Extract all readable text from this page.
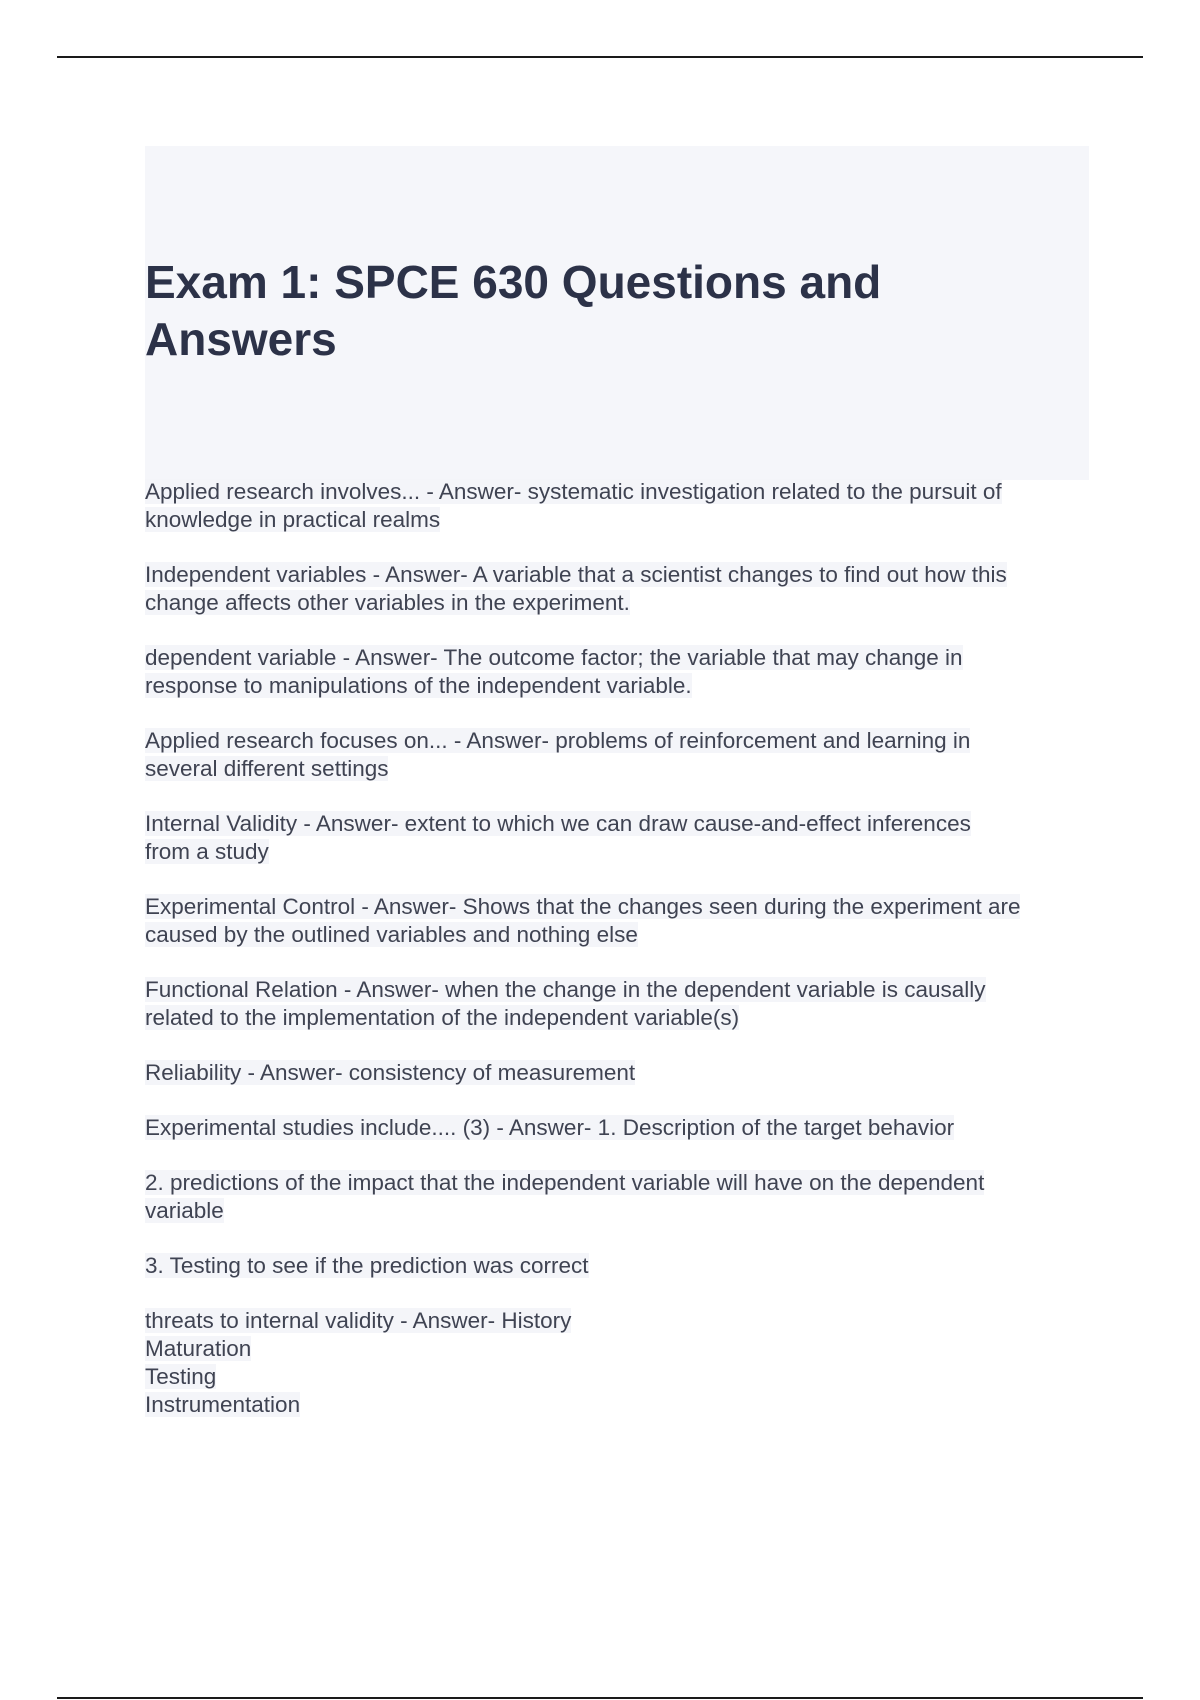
Exam 1: SPCE 630 Questions and Answers
Applied research involves... - Answer- systematic investigation related to the pursuit of
knowledge in practical realms
Independent variables - Answer- A variable that a scientist changes to find out how this
change affects other variables in the experiment.
dependent variable - Answer- The outcome factor; the variable that may change in
response to manipulations of the independent variable.
Applied research focuses on... - Answer- problems of reinforcement and learning in
several different settings
Internal Validity - Answer- extent to which we can draw cause-and-effect inferences
from a study
Experimental Control - Answer- Shows that the changes seen during the experiment are
caused by the outlined variables and nothing else
Functional Relation - Answer- when the change in the dependent variable is causally
related to the implementation of the independent variable(s)
Reliability - Answer- consistency of measurement
Experimental studies include.... (3) - Answer- 1. Description of the target behavior
2. predictions of the impact that the independent variable will have on the dependent
variable
3. Testing to see if the prediction was correct
threats to internal validity - Answer- History
Maturation
Testing
Instrumentation
